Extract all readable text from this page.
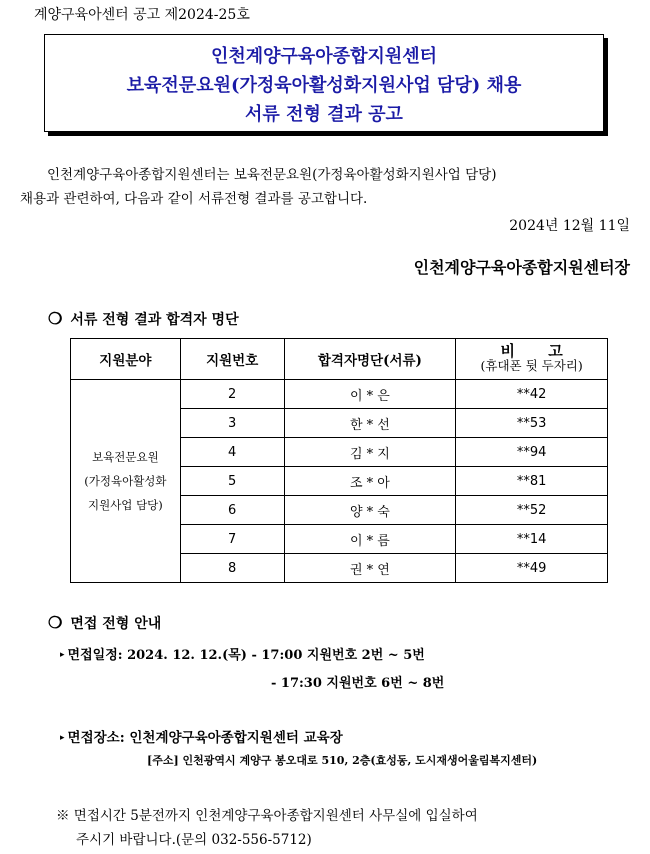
계양구육아센터 공고 제2024-25호
인천계양구육아종합지원센터
보육전문요원(가정육아활성화지원사업 담당) 채용
서류 전형 결과 공고
인천계양구육아종합지원센터는 보육전문요원(가정육아활성화지원사업 담당)
채용과 관련하여, 다음과 같이 서류전형 결과를 공고합니다.
2024년 12월 11일
인천계양구육아종합지원센터장
❍ 서류 전형 결과 합격자 명단
지원분야	지원번호	합격자명단(서류)	비 고
(휴대폰 뒷 두자리)

보육전문요원
(가정육아활성화
지원사업 담당)	2	이 * 은	**42
	3	한 * 선	**53
	4	김 * 지	**94
	5	조 * 아	**81
	6	양 * 숙	**52
	7	이 * 름	**14
	8	권 * 연	**49
❍ 면접 전형 안내
▸ 면접일정: 2024. 12. 12.(목) - 17:00 지원번호 2번 ~ 5번
- 17:30 지원번호 6번 ~ 8번
▸ 면접장소: 인천계양구육아종합지원센터 교육장
[주소] 인천광역시 계양구 봉오대로 510, 2층(효성동, 도시재생어울림복지센터)
※ 면접시간 5분전까지 인천계양구육아종합지원센터 사무실에 입실하여
주시기 바랍니다.(문의 032-556-5712)
